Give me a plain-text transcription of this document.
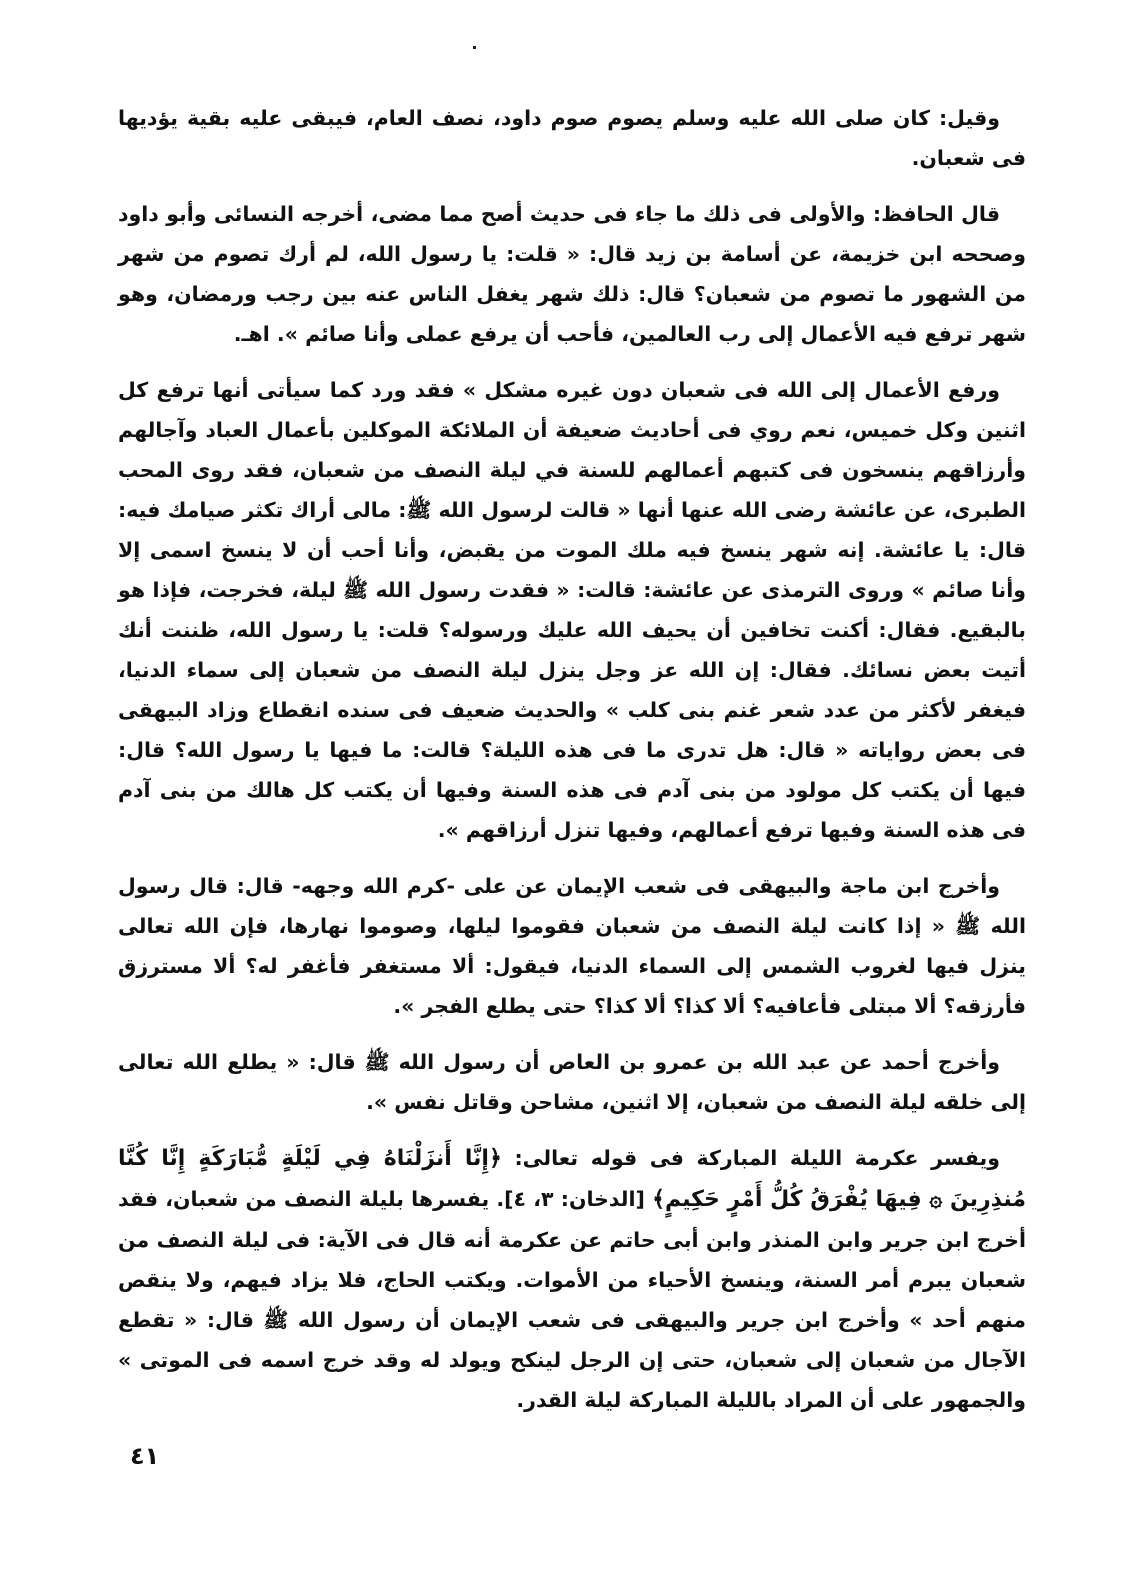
وقيل: كان صلى الله عليه وسلم يصوم صوم داود، نصف العام، فيبقى عليه بقية يؤديها فى شعبان.

قال الحافظ: والأولى فى ذلك ما جاء فى حديث أصح مما مضى، أخرجه النسائى وأبو داود وصححه ابن خزيمة، عن أسامة بن زيد قال: « قلت: يا رسول الله، لم أرك تصوم من شهر من الشهور ما تصوم من شعبان؟ قال: ذلك شهر يغفل الناس عنه بين رجب ورمضان، وهو شهر ترفع فيه الأعمال إلى رب العالمين، فأحب أن يرفع عملى وأنا صائم ». اهـ.

ورفع الأعمال إلى الله فى شعبان دون غيره مشكل » فقد ورد كما سيأتى أنها ترفع كل اثنين وكل خميس، نعم روي فى أحاديث ضعيفة أن الملائكة الموكلين بأعمال العباد وآجالهم وأرزاقهم ينسخون فى كتبهم أعمالهم للسنة في ليلة النصف من شعبان، فقد روى المحب الطبرى، عن عائشة رضى الله عنها أنها « قالت لرسول الله ﷺ: مالى أراك تكثر صيامك فيه: قال: يا عائشة. إنه شهر ينسخ فيه ملك الموت من يقبض، وأنا أحب أن لا ينسخ اسمى إلا وأنا صائم » وروى الترمذى عن عائشة: قالت: « فقدت رسول الله ﷺ ليلة، فخرجت، فإذا هو بالبقيع. فقال: أكنت تخافين أن يحيف الله عليك ورسوله؟ قلت: يا رسول الله، ظننت أنك أتيت بعض نسائك. فقال: إن الله عز وجل ينزل ليلة النصف من شعبان إلى سماء الدنيا، فيغفر لأكثر من عدد شعر غنم بنى كلب » والحديث ضعيف فى سنده انقطاع وزاد البيهقى فى بعض رواياته « قال: هل تدرى ما فى هذه الليلة؟ قالت: ما فيها يا رسول الله؟ قال: فيها أن يكتب كل مولود من بنى آدم فى هذه السنة وفيها أن يكتب كل هالك من بنى آدم فى هذه السنة وفيها ترفع أعمالهم، وفيها تنزل أرزاقهم ».

وأخرج ابن ماجة والبيهقى فى شعب الإيمان عن على -كرم الله وجهه- قال: قال رسول الله ﷺ « إذا كانت ليلة النصف من شعبان فقوموا ليلها، وصوموا نهارها، فإن الله تعالى ينزل فيها لغروب الشمس إلى السماء الدنيا، فيقول: ألا مستغفر فأغفر له؟ ألا مسترزق فأرزقه؟ ألا مبتلى فأعافيه؟ ألا كذا؟ ألا كذا؟ حتى يطلع الفجر ».

وأخرج أحمد عن عبد الله بن عمرو بن العاص أن رسول الله ﷺ قال: « يطلع الله تعالى إلى خلقه ليلة النصف من شعبان، إلا اثنين، مشاحن وقاتل نفس ».

ويفسر عكرمة الليلة المباركة فى قوله تعالى: ﴿إِنَّا أَنزَلْنَاهُ فِي لَيْلَةٍ مُّبَارَكَةٍ إِنَّا كُنَّا مُنذِرِينَ ۞ فِيهَا يُفْرَقُ كُلُّ أَمْرٍ حَكِيمٍ﴾ [الدخان: ٣، ٤]. يفسرها بليلة النصف من شعبان، فقد أخرج ابن جرير وابن المنذر وابن أبى حاتم عن عكرمة أنه قال فى الآية: فى ليلة النصف من شعبان يبرم أمر السنة، وينسخ الأحياء من الأموات. ويكتب الحاج، فلا يزاد فيهم، ولا ينقص منهم أحد » وأخرج ابن جرير والبيهقى فى شعب الإيمان أن رسول الله ﷺ قال: « تقطع الآجال من شعبان إلى شعبان، حتى إن الرجل لينكح ويولد له وقد خرج اسمه فى الموتى » والجمهور على أن المراد بالليلة المباركة ليلة القدر.

٤١
